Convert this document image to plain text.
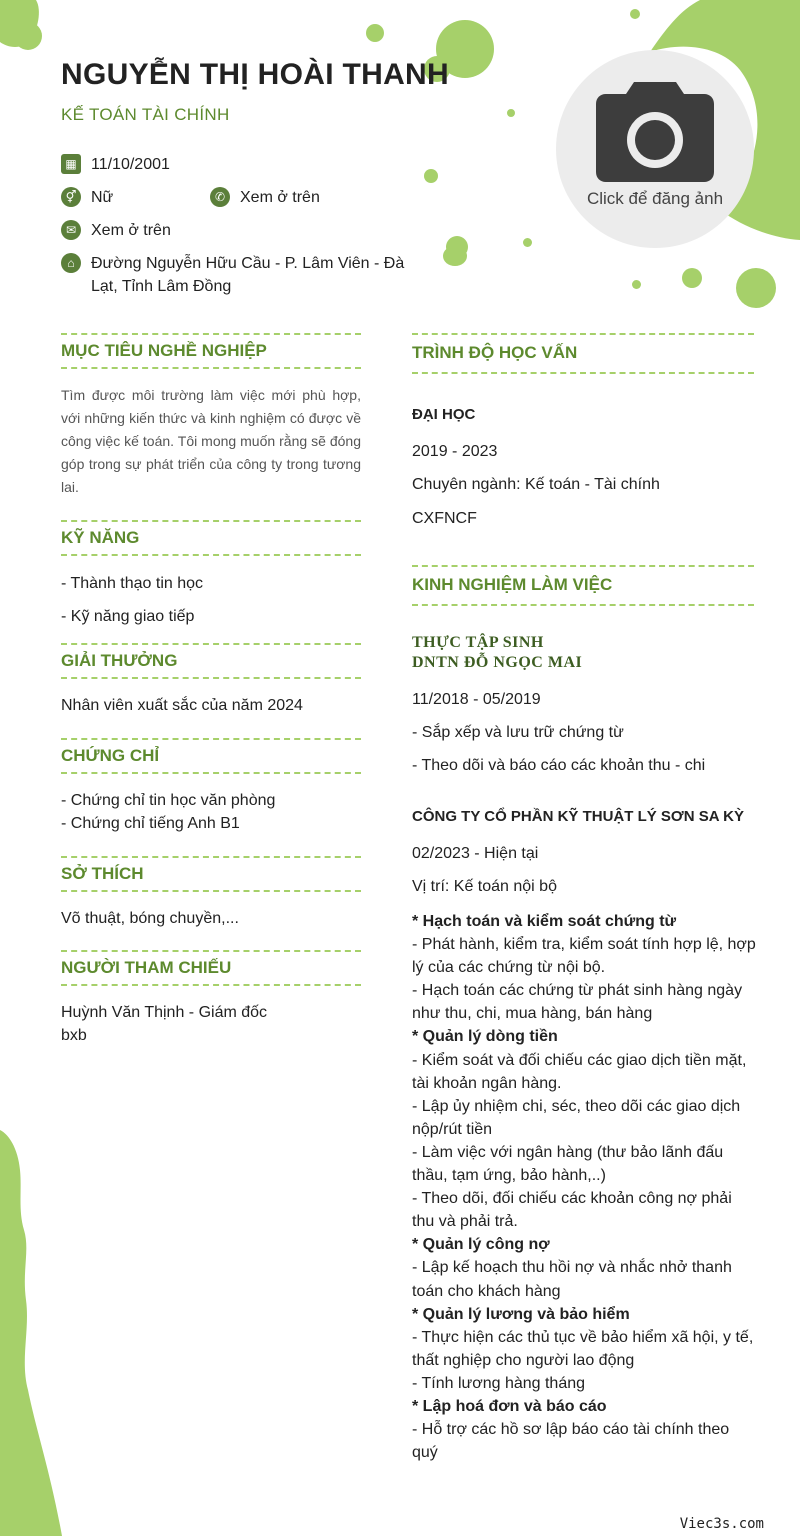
NGUYỄN THỊ HOÀI THANH
KẾ TOÁN TÀI CHÍNH
▦ 11/10/2001
⚥ Nữ	✆ Xem ở trên
✉ Xem ở trên
⌂	Đường Nguyễn Hữu Cầu - P. Lâm Viên - Đà Lạt, Tỉnh Lâm Đồng
Click để đăng ảnh
MỤC TIÊU NGHỀ NGHIỆP
Tìm được môi trường làm việc mới phù hợp, với những kiến thức và kinh nghiệm có được về công việc kế toán. Tôi mong muốn rằng sẽ đóng góp trong sự phát triển của công ty trong tương lai.
KỸ NĂNG
- Thành thạo tin học
- Kỹ năng giao tiếp
GIẢI THƯỞNG
Nhân viên xuất sắc của năm 2024
CHỨNG CHỈ
- Chứng chỉ tin học văn phòng
- Chứng chỉ tiếng Anh B1
SỞ THÍCH
Võ thuật, bóng chuyền,...
NGƯỜI THAM CHIẾU
Huỳnh Văn Thịnh - Giám đốc
bxb
TRÌNH ĐỘ HỌC VẤN
ĐẠI HỌC
2019 - 2023
Chuyên ngành: Kế toán - Tài chính
CXFNCF
KINH NGHIỆM LÀM VIỆC
THỰC TẬP SINH
DNTN ĐỖ NGỌC MAI
11/2018 - 05/2019
- Sắp xếp và lưu trữ chứng từ
- Theo dõi và báo cáo các khoản thu - chi
CÔNG TY CỔ PHẦN KỸ THUẬT LÝ SƠN SA KỲ
02/2023 - Hiện tại
Vị trí: Kế toán nội bộ
* Hạch toán và kiểm soát chứng từ
- Phát hành, kiểm tra, kiểm soát tính hợp lệ, hợp lý của các chứng từ nội bộ.
- Hạch toán các chứng từ phát sinh hàng ngày như thu, chi, mua hàng, bán hàng
* Quản lý dòng tiền
- Kiểm soát và đối chiếu các giao dịch tiền mặt, tài khoản ngân hàng.
- Lập ủy nhiệm chi, séc, theo dõi các giao dịch nộp/rút tiền
- Làm việc với ngân hàng (thư bảo lãnh đấu thầu, tạm ứng, bảo hành,..)
- Theo dõi, đối chiếu các khoản công nợ phải thu và phải trả.
* Quản lý công nợ
- Lập kế hoạch thu hồi nợ và nhắc nhở thanh toán cho khách hàng
* Quản lý lương và bảo hiểm
- Thực hiện các thủ tục về bảo hiểm xã hội, y tế, thất nghiệp cho người lao động
- Tính lương hàng tháng
* Lập hoá đơn và báo cáo
- Hỗ trợ các hồ sơ lập báo cáo tài chính theo quý
Viec3s.com
